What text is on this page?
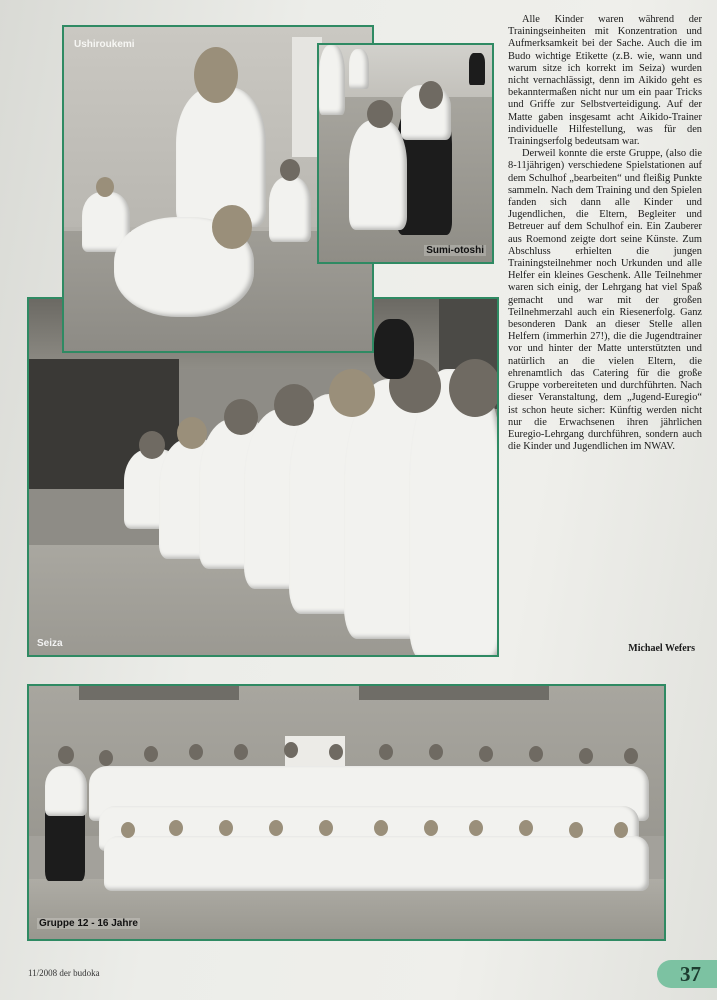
Seiza
Ushiroukemi
Sumi-otoshi

Alle Kinder waren während der Trainingseinheiten mit Konzentration und Aufmerksamkeit bei der Sache. Auch die im Budo wichtige Etikette (z.B. wie, wann und warum sitze ich korrekt im Seiza) wurden nicht vernachlässigt, denn im Aikido geht es bekanntermaßen nicht nur um ein paar Tricks und Griffe zur Selbstverteidigung. Auf der Matte gaben insgesamt acht Aikido-Trainer individuelle Hilfestellung, was für den Trainingserfolg bedeutsam war.

Derweil konnte die erste Gruppe, (also die 8-11jährigen) verschiedene Spielstationen auf dem Schulhof „bearbeiten“ und fleißig Punkte sammeln. Nach dem Training und den Spielen fanden sich dann alle Kinder und Jugendlichen, die Eltern, Begleiter und Betreuer auf dem Schulhof ein. Ein Zauberer aus Roemond zeigte dort seine Künste. Zum Abschluss erhielten die jungen Trainingsteilnehmer noch Urkunden und alle Helfer ein kleines Geschenk. Alle Teilnehmer waren sich einig, der Lehrgang hat viel Spaß gemacht und war mit der großen Teilnehmerzahl auch ein Riesenerfolg. Ganz besonderen Dank an dieser Stelle allen Helfern (immerhin 27!), die die Jugendtrainer vor und hinter der Matte unterstützten und natürlich an die vielen Eltern, die ehrenamtlich das Catering für die große Gruppe vorbereiteten und durchführten. Nach dieser Veranstaltung, dem „Jugend-Euregio“ ist schon heute sicher: Künftig werden nicht nur die Erwachsenen ihren jährlichen Euregio-Lehrgang durchführen, sondern auch die Kinder und Jugendlichen im NWAV.

Michael Wefers
Gruppe 12 - 16 Jahre
11/2008 der budoka	37
